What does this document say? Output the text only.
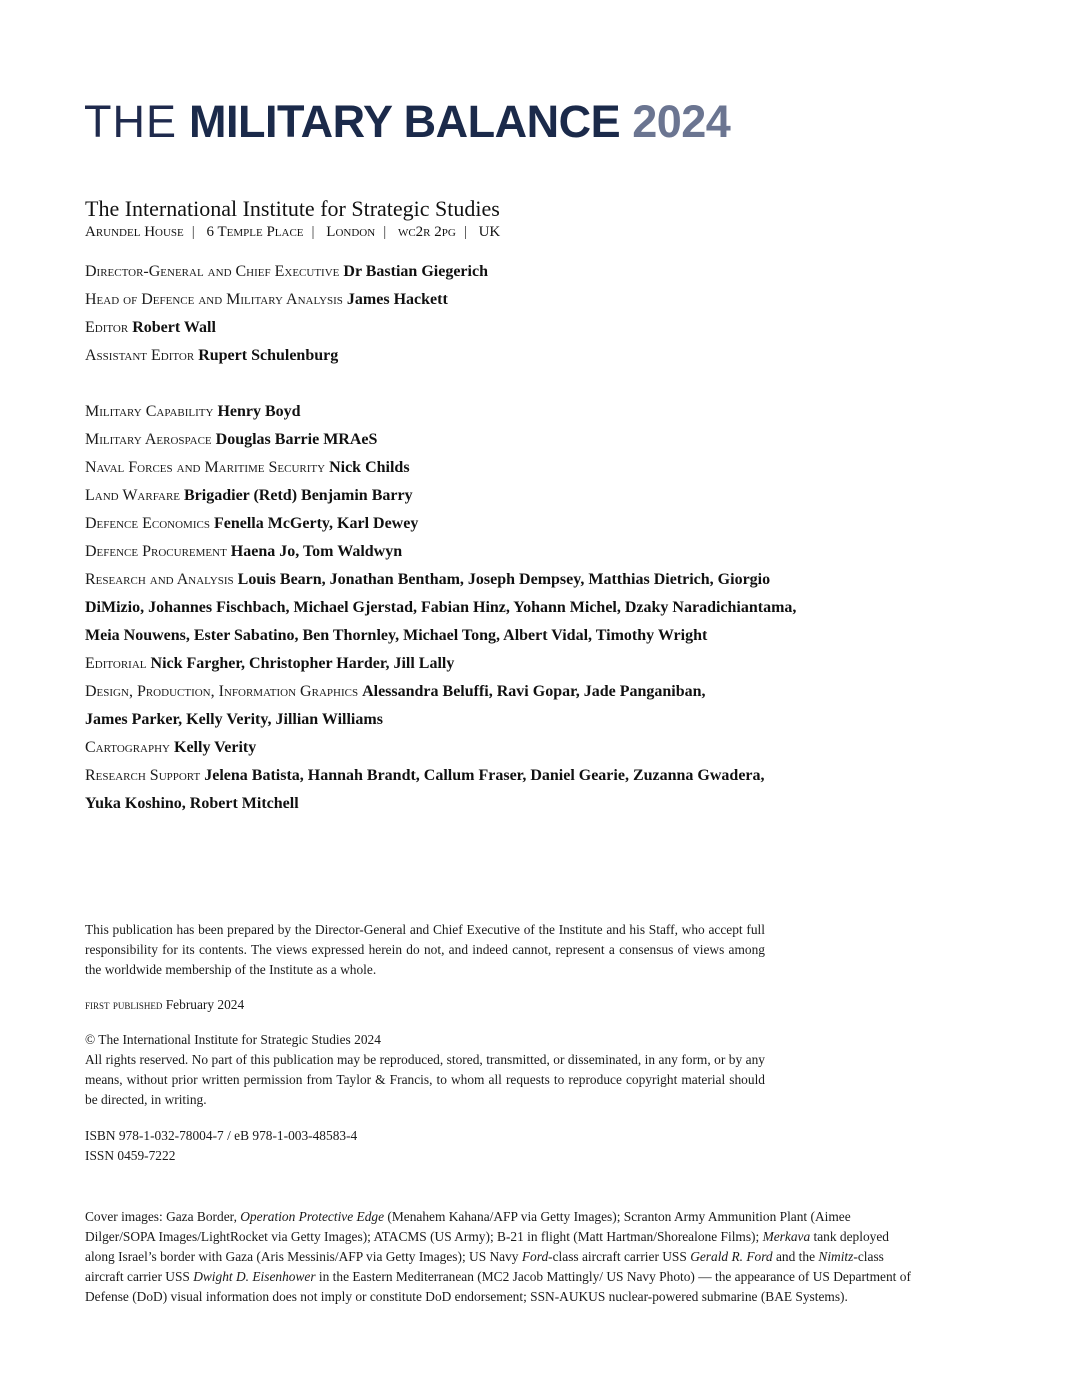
THE MILITARY BALANCE 2024
The International Institute for Strategic Studies
Arundel House | 6 Temple Place | London | wc2r 2pg | UK
Director-General and Chief Executive Dr Bastian Giegerich
Head of Defence and Military Analysis James Hackett
Editor Robert Wall
Assistant Editor Rupert Schulenburg
Military Capability Henry Boyd
Military Aerospace Douglas Barrie MRAeS
Naval Forces and Maritime Security Nick Childs
Land Warfare Brigadier (Retd) Benjamin Barry
Defence Economics Fenella McGerty, Karl Dewey
Defence Procurement Haena Jo, Tom Waldwyn
Research and Analysis Louis Bearn, Jonathan Bentham, Joseph Dempsey, Matthias Dietrich, Giorgio
DiMizio, Johannes Fischbach, Michael Gjerstad, Fabian Hinz, Yohann Michel, Dzaky Naradichiantama,
Meia Nouwens, Ester Sabatino, Ben Thornley, Michael Tong, Albert Vidal, Timothy Wright
Editorial Nick Fargher, Christopher Harder, Jill Lally
Design, Production, Information Graphics Alessandra Beluffi, Ravi Gopar, Jade Panganiban,
James Parker, Kelly Verity, Jillian Williams
Cartography Kelly Verity
Research Support Jelena Batista, Hannah Brandt, Callum Fraser, Daniel Gearie, Zuzanna Gwadera,
Yuka Koshino, Robert Mitchell
This publication has been prepared by the Director-General and Chief Executive of the Institute and his Staff, who accept full responsibility for its contents. The views expressed herein do not, and indeed cannot, represent a consensus of views among the worldwide membership of the Institute as a whole.
first published February 2024

© The International Institute for Strategic Studies 2024

All rights reserved. No part of this publication may be reproduced, stored, transmitted, or disseminated, in any form, or by any means, without prior written permission from Taylor & Francis, to whom all requests to reproduce copyright material should be directed, in writing.

ISBN 978-1-032-78004-7 / eB 978-1-003-48583-4

ISSN 0459-7222

Cover images: Gaza Border, Operation Protective Edge (Menahem Kahana/AFP via Getty Images); Scranton Army Ammunition Plant (Aimee Dilger/SOPA Images/LightRocket via Getty Images); ATACMS (US Army); B-21 in flight (Matt Hartman/Shorealone Films); Merkava tank deployed along Israel’s border with Gaza (Aris Messinis/AFP via Getty Images); US Navy Ford-class aircraft carrier USS Gerald R. Ford and the Nimitz-class aircraft carrier USS Dwight D. Eisenhower in the Eastern Mediterranean (MC2 Jacob Mattingly/ US Navy Photo) — the appearance of US Department of Defense (DoD) visual information does not imply or constitute DoD endorsement; SSN-AUKUS nuclear-powered submarine (BAE Systems).
